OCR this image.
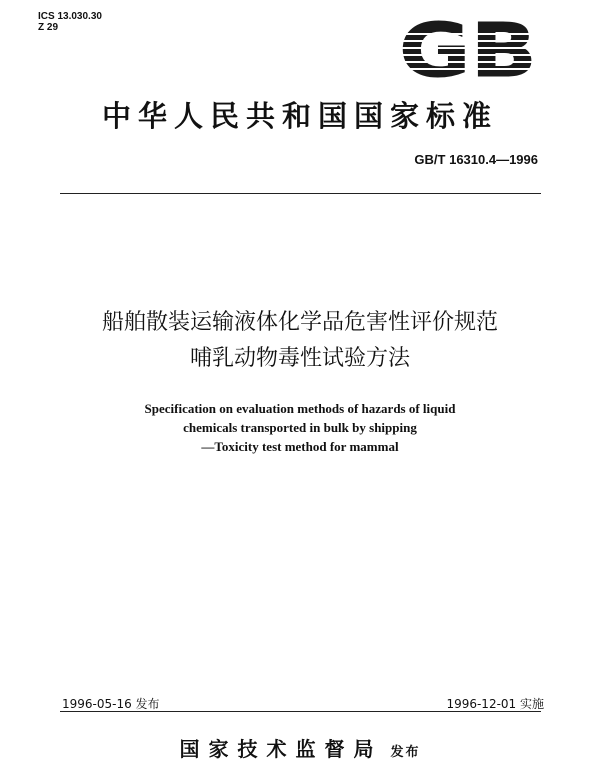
ICS 13.030.30
Z 29	GB
中华人民共和国国家标准
GB/T 16310.4—1996
船舶散装运输液体化学品危害性评价规范
哺乳动物毒性试验方法
Specification on evaluation methods of hazards of liquid
chemicals transported in bulk by shipping
—Toxicity test method for mammal
1996-05-16 发布	1996-12-01 实施
国家技术监督局 发布
